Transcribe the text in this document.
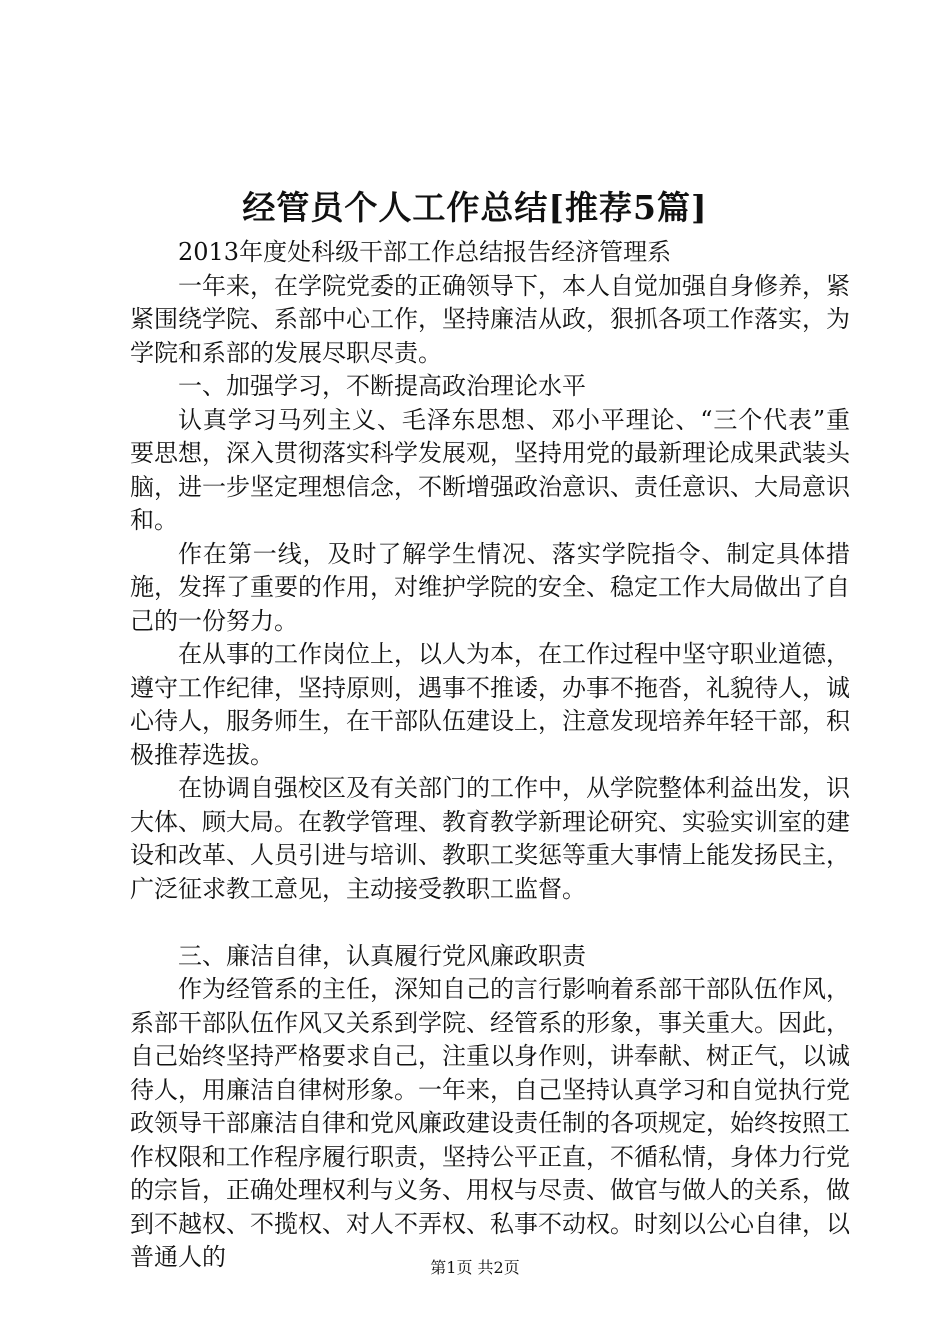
经管员个人工作总结[推荐5篇]

2013年度处科级干部工作总结报告经济管理系

一年来，在学院党委的正确领导下，本人自觉加强自身修养，紧紧围绕学院、系部中心工作，坚持廉洁从政，狠抓各项工作落实，为学院和系部的发展尽职尽责。

一、加强学习，不断提高政治理论水平

认真学习马列主义、毛泽东思想、邓小平理论、“三个代表”重要思想，深入贯彻落实科学发展观，坚持用党的最新理论成果武装头脑，进一步坚定理想信念，不断增强政治意识、责任意识、大局意识和。

作在第一线，及时了解学生情况、落实学院指令、制定具体措施，发挥了重要的作用，对维护学院的安全、稳定工作大局做出了自己的一份努力。

在从事的工作岗位上，以人为本，在工作过程中坚守职业道德，遵守工作纪律，坚持原则，遇事不推诿，办事不拖沓，礼貌待人，诚心待人，服务师生，在干部队伍建设上，注意发现培养年轻干部，积极推荐选拔。

在协调自强校区及有关部门的工作中，从学院整体利益出发，识大体、顾大局。在教学管理、教育教学新理论研究、实验实训室的建设和改革、人员引进与培训、教职工奖惩等重大事情上能发扬民主，广泛征求教工意见，主动接受教职工监督。

三、廉洁自律，认真履行党风廉政职责

作为经管系的主任，深知自己的言行影响着系部干部队伍作风，系部干部队伍作风又关系到学院、经管系的形象，事关重大。因此，自己始终坚持严格要求自己，注重以身作则，讲奉献、树正气，以诚待人，用廉洁自律树形象。一年来，自己坚持认真学习和自觉执行党政领导干部廉洁自律和党风廉政建设责任制的各项规定，始终按照工作权限和工作程序履行职责，坚持公平正直，不循私情，身体力行党的宗旨，正确处理权利与义务、用权与尽责、做官与做人的关系，做到不越权、不揽权、对人不弄权、私事不动权。时刻以公心自律，以普通人的	第1页 共2页
